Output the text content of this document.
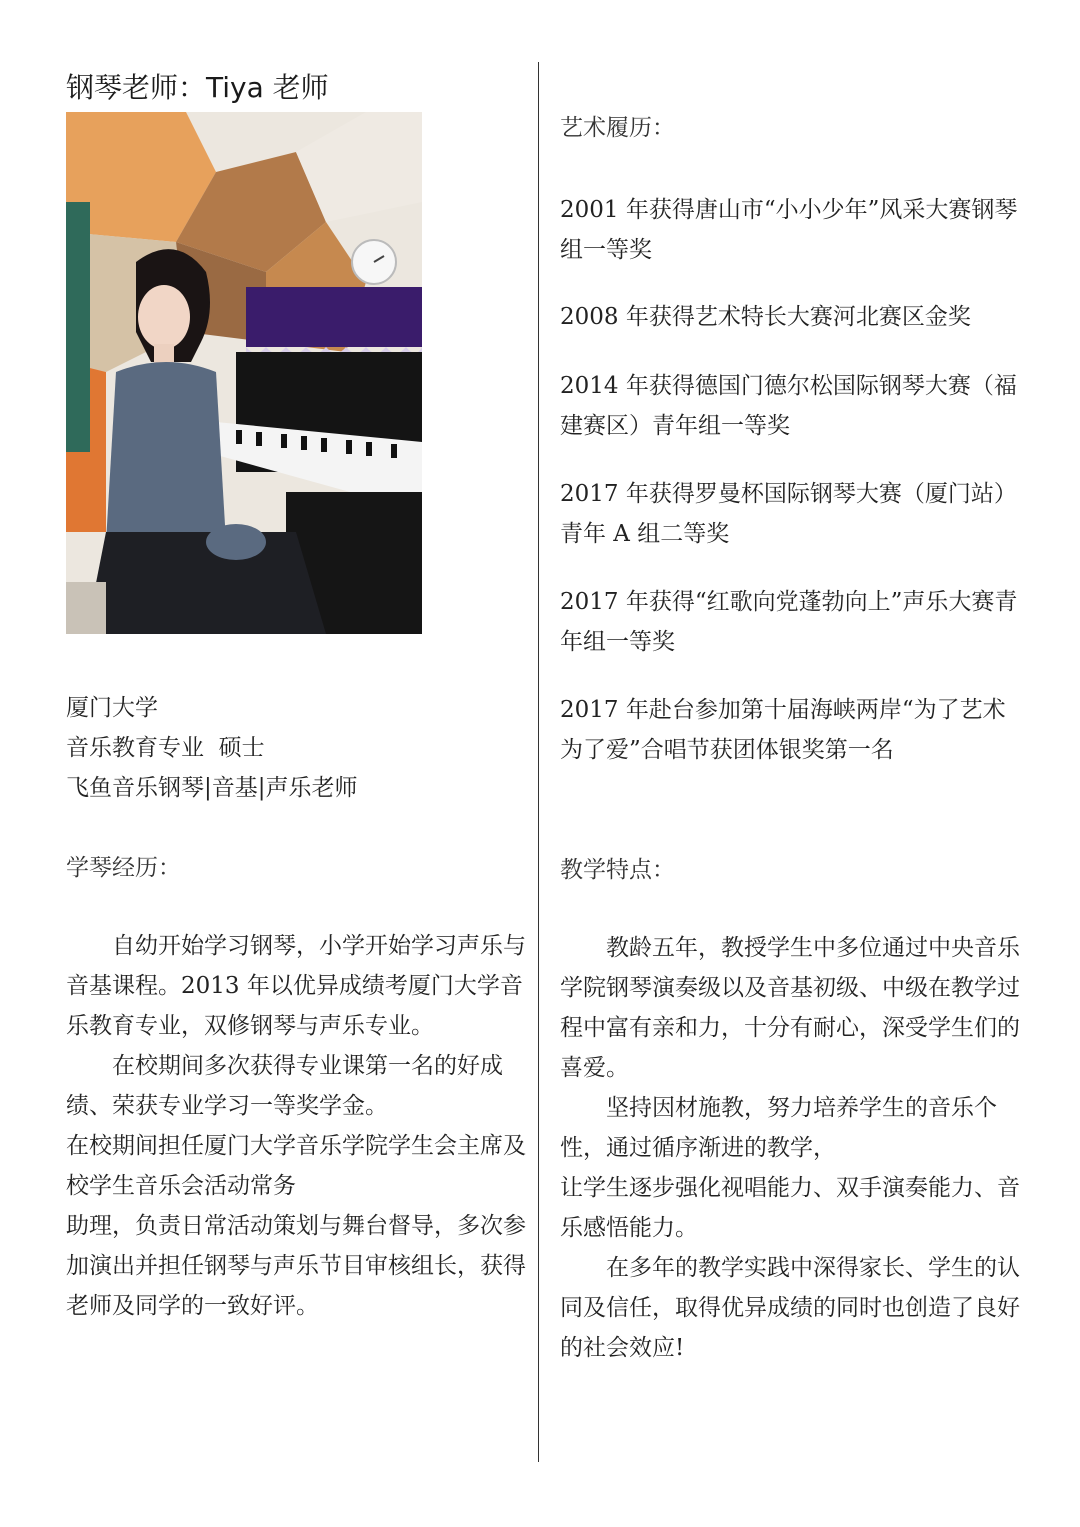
钢琴老师：Tiya 老师
厦门大学
音乐教育专业  硕士
飞鱼音乐钢琴|音基|声乐老师
学琴经历：

自幼开始学习钢琴，小学开始学习声乐与音基课程。2013 年以优异成绩考厦门大学音乐教育专业，双修钢琴与声乐专业。

在校期间多次获得专业课第一名的好成绩、荣获专业学习一等奖学金。

在校期间担任厦门大学音乐学院学生会主席及校学生音乐会活动常务

助理，负责日常活动策划与舞台督导，多次参加演出并担任钢琴与声乐节目审核组长，获得老师及同学的一致好评。

艺术履历：

2001 年获得唐山市“小小少年”风采大赛钢琴组一等奖

2008 年获得艺术特长大赛河北赛区金奖

2014 年获得德国门德尔松国际钢琴大赛（福建赛区）青年组一等奖

2017 年获得罗曼杯国际钢琴大赛（厦门站）青年 A 组二等奖

2017 年获得“红歌向党蓬勃向上”声乐大赛青年组一等奖

2017 年赴台参加第十届海峡两岸“为了艺术为了爱”合唱节获团体银奖第一名

教学特点：

教龄五年，教授学生中多位通过中央音乐学院钢琴演奏级以及音基初级、中级在教学过程中富有亲和力，十分有耐心，深受学生们的喜爱。

坚持因材施教，努力培养学生的音乐个性，通过循序渐进的教学，

让学生逐步强化视唱能力、双手演奏能力、音乐感悟能力。

在多年的教学实践中深得家长、学生的认同及信任，取得优异成绩的同时也创造了良好的社会效应!
